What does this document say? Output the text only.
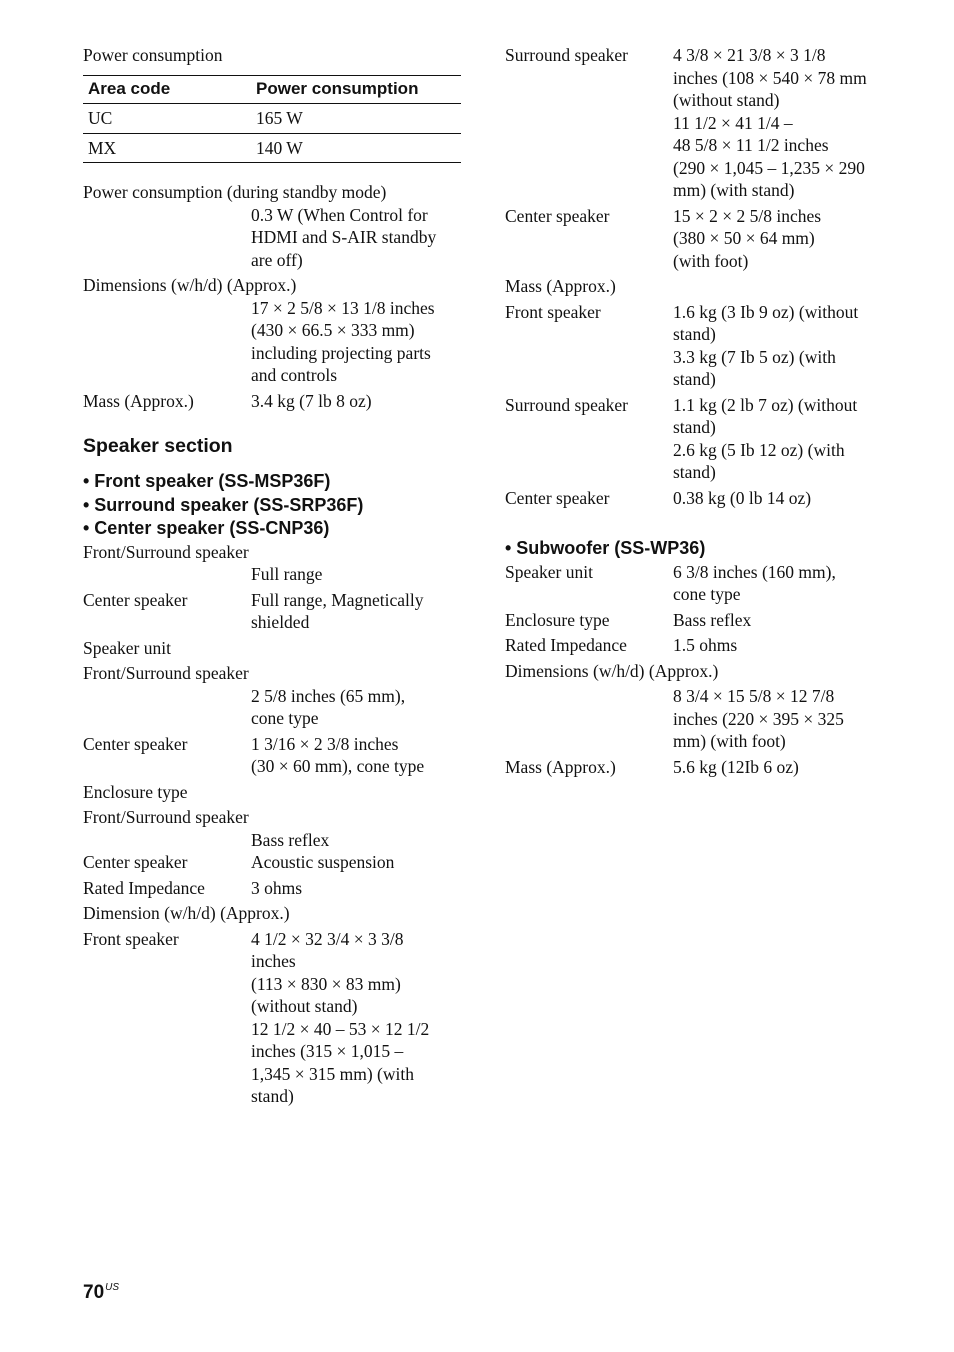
Power consumption
Area code	Power consumption
UC	165 W
MX	140 W
Power consumption (during standby mode)
0.3 W (When Control for
HDMI and S-AIR standby
are off)
Dimensions (w/h/d) (Approx.)
17 × 2 5/8 × 13 1/8 inches
(430 × 66.5 × 333 mm)
including projecting parts
and controls
Mass (Approx.)	3.4 kg (7 lb 8 oz)
Speaker section
• Front speaker (SS-MSP36F)
• Surround speaker (SS-SRP36F)
• Center speaker (SS-CNP36)
Front/Surround speaker
Full range
Center speaker	Full range, Magnetically
shielded
Speaker unit
Front/Surround speaker
2 5/8 inches (65 mm),
cone type
Center speaker	1 3/16 × 2 3/8 inches
(30 × 60 mm), cone type
Enclosure type
Front/Surround speaker
Bass reflex
Center speaker	Acoustic suspension
Rated Impedance	3 ohms
Dimension (w/h/d) (Approx.)
Front speaker	4 1/2 × 32 3/4 × 3 3/8
inches
(113 × 830 × 83 mm)
(without stand)
12 1/2 × 40 – 53 × 12 1/2
inches (315 × 1,015 –
1,345 × 315 mm) (with
stand)
Surround speaker	4 3/8 × 21 3/8 × 3 1/8
inches (108 × 540 × 78 mm
(without stand)
11 1/2 × 41 1/4 –
48 5/8 × 11 1/2 inches
(290 × 1,045 – 1,235 × 290
mm) (with stand)
Center speaker	15 × 2 × 2 5/8 inches
(380 × 50 × 64 mm)
(with foot)
Mass (Approx.)
Front speaker	1.6 kg (3 Ib 9 oz) (without
stand)
3.3 kg (7 Ib 5 oz) (with
stand)
Surround speaker	1.1 kg (2 lb 7 oz) (without
stand)
2.6 kg (5 Ib 12 oz) (with
stand)
Center speaker	0.38 kg (0 lb 14 oz)
• Subwoofer (SS-WP36)
Speaker unit	6 3/8 inches (160 mm),
cone type
Enclosure type	Bass reflex
Rated Impedance	1.5 ohms
Dimensions (w/h/d) (Approx.)
8 3/4 × 15 5/8 × 12 7/8
inches (220 × 395 × 325
mm) (with foot)
Mass (Approx.)	5.6 kg (12Ib 6 oz)
$70^{US}$
